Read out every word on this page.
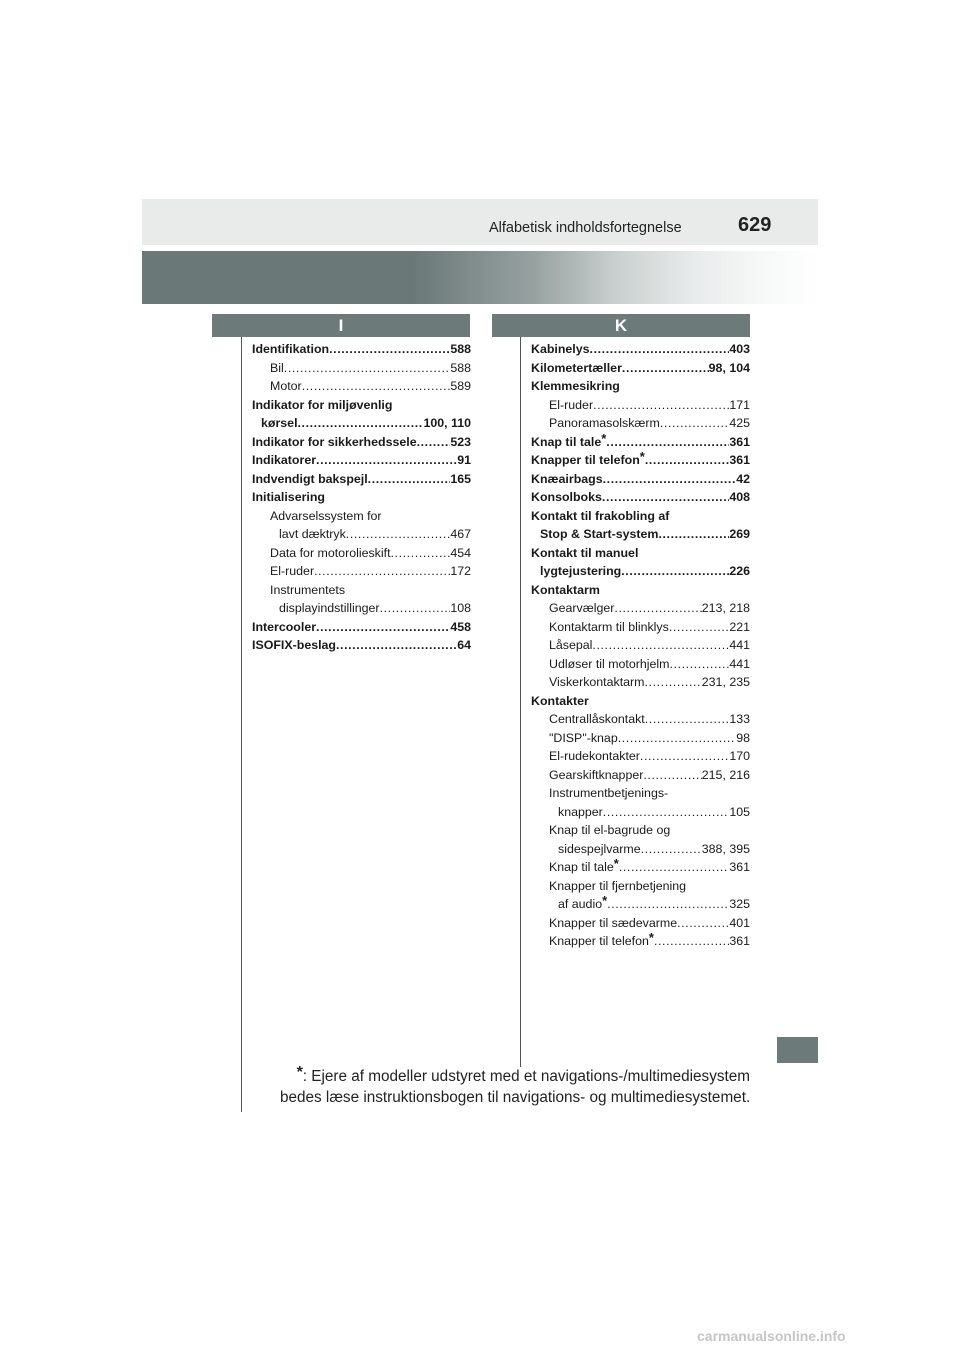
Alfabetisk indholdsfortegnelse	629
I	K
Identifikation .....	588
Bil .....	588
Motor .....	589
Indikator for miljøvenlig
kørsel .....	100, 110
Indikator for sikkerhedssele .....	523
Indikatorer .....	91
Indvendigt bakspejl .....	165
Initialisering
Advarselssystem for
lavt dæktryk .....	467
Data for motorolieskift .....	454
El-ruder .....	172
Instrumentets
displayindstillinger .....	108
Intercooler .....	458
ISOFIX-beslag .....	64
Kabinelys .....	403
Kilometertæller .....	98, 104
Klemmesikring
El-ruder .....	171
Panoramasolskærm .....	425
Knap til tale* .....	361
Knapper til telefon* .....	361
Knæairbags .....	42
Konsolboks .....	408
Kontakt til frakobling af
Stop & Start-system .....	269
Kontakt til manuel
lygtejustering .....	226
Kontaktarm
Gearvælger .....	213, 218
Kontaktarm til blinklys .....	221
Låsepal .....	441
Udløser til motorhjelm .....	441
Viskerkontaktarm .....	231, 235
Kontakter
Centrallåskontakt .....	133
"DISP"-knap .....	98
El-rudekontakter .....	170
Gearskiftknapper .....	215, 216
Instrumentbetjenings-
knapper .....	105
Knap til el-bagrude og
sidespejlvarme .....	388, 395
Knap til tale* .....	361
Knapper til fjernbetjening
af audio* .....	325
Knapper til sædevarme .....	401
Knapper til telefon* .....	361
*: Ejere af modeller udstyret med et navigations-/multimediesystem
bedes læse instruktionsbogen til navigations- og multimediesystemet.
carmanualsonline.info
